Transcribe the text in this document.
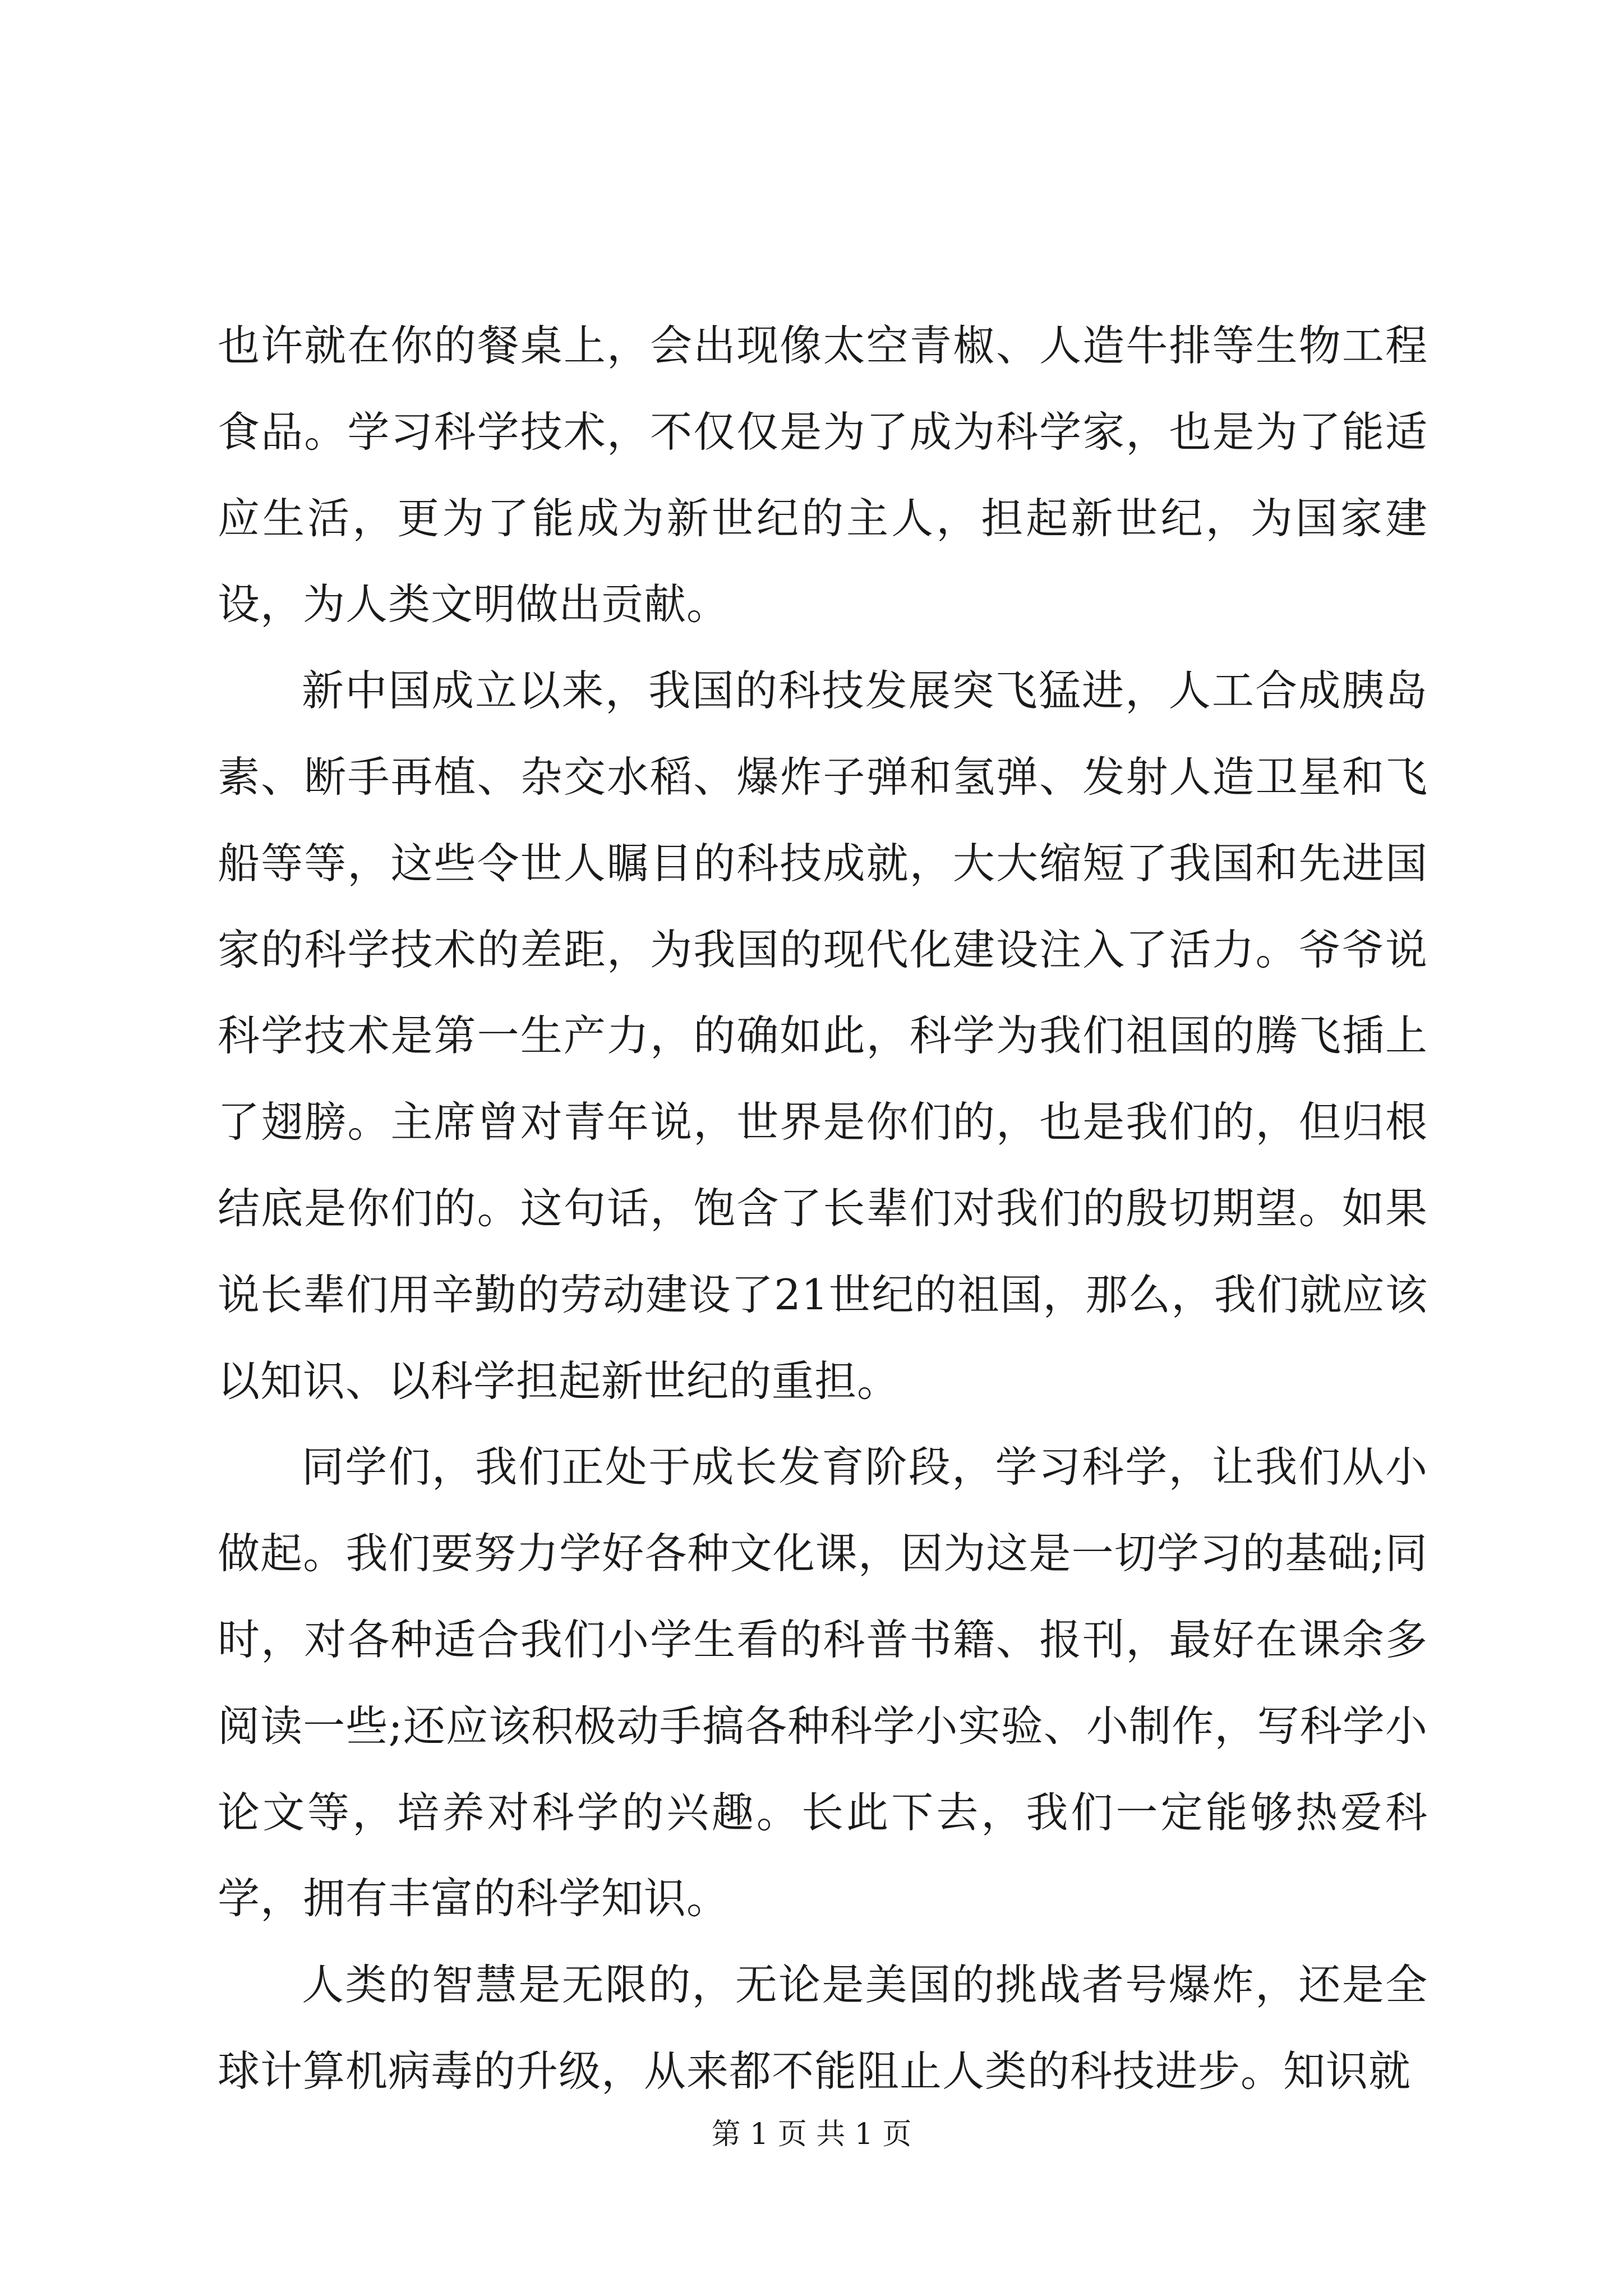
也许就在你的餐桌上，会出现像太空青椒、人造牛排等生物工程食品。学习科学技术，不仅仅是为了成为科学家，也是为了能适应生活，更为了能成为新世纪的主人，担起新世纪，为国家建设，为人类文明做出贡献。

新中国成立以来，我国的科技发展突飞猛进，人工合成胰岛素、断手再植、杂交水稻、爆炸子弹和氢弹、发射人造卫星和飞船等等，这些令世人瞩目的科技成就，大大缩短了我国和先进国家的科学技术的差距，为我国的现代化建设注入了活力。爷爷说科学技术是第一生产力，的确如此，科学为我们祖国的腾飞插上了翅膀。主席曾对青年说，世界是你们的，也是我们的，但归根结底是你们的。这句话，饱含了长辈们对我们的殷切期望。如果说长辈们用辛勤的劳动建设了21世纪的祖国，那么，我们就应该以知识、以科学担起新世纪的重担。

同学们，我们正处于成长发育阶段，学习科学，让我们从小做起。我们要努力学好各种文化课，因为这是一切学习的基础;同时，对各种适合我们小学生看的科普书籍、报刊，最好在课余多阅读一些;还应该积极动手搞各种科学小实验、小制作，写科学小论文等，培养对科学的兴趣。长此下去，我们一定能够热爱科学，拥有丰富的科学知识。

人类的智慧是无限的，无论是美国的挑战者号爆炸，还是全球计算机病毒的升级，从来都不能阻止人类的科技进步。知识就

第 1 页 共 1 页
